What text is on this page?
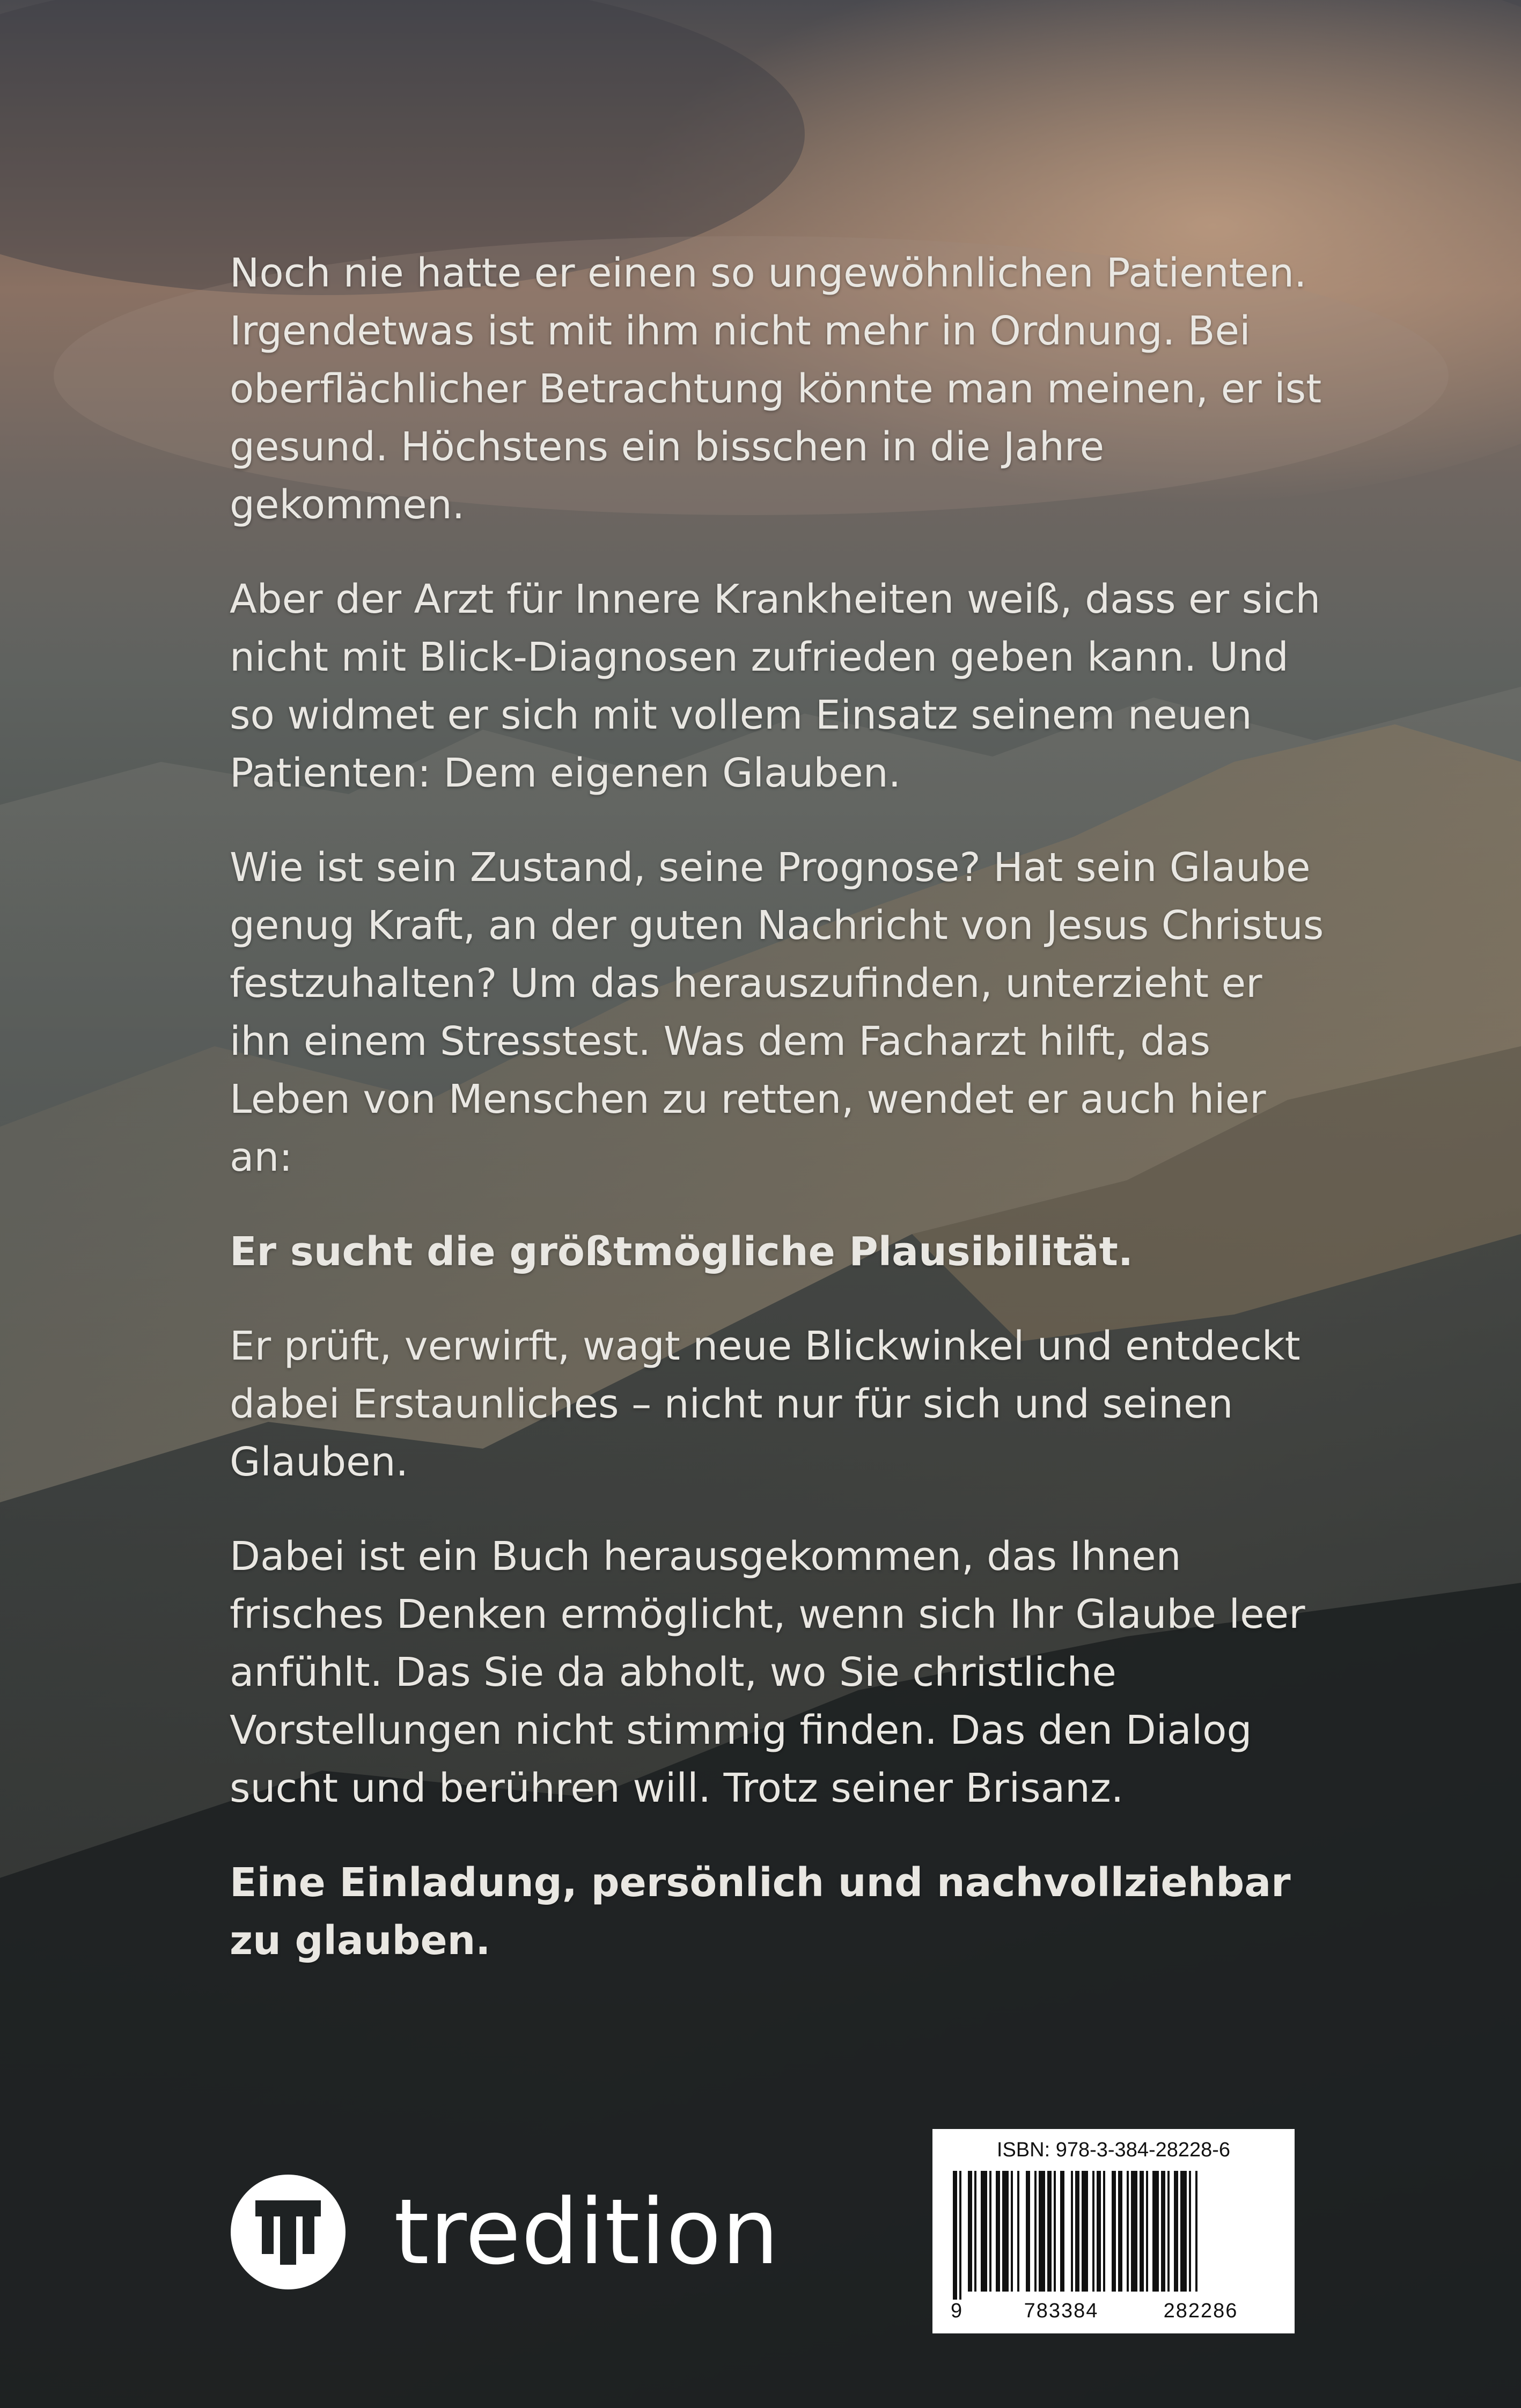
Noch nie hatte er einen so ungewöhnlichen Patienten. Irgendetwas ist mit ihm nicht mehr in Ordnung. Bei oberflächlicher Betrachtung könnte man meinen, er ist gesund. Höchstens ein bisschen in die Jahre gekommen.

Aber der Arzt für Innere Krankheiten weiß, dass er sich nicht mit Blick-Diagnosen zufrieden geben kann. Und so widmet er sich mit vollem Einsatz seinem neuen Patienten: Dem eigenen Glauben.

Wie ist sein Zustand, seine Prognose? Hat sein Glaube genug Kraft, an der guten Nachricht von Jesus Christus festzuhalten? Um das herauszufinden, unterzieht er ihn einem Stresstest. Was dem Facharzt hilft, das Leben von Menschen zu retten, wendet er auch hier an:

Er sucht die größtmögliche Plausibilität.

Er prüft, verwirft, wagt neue Blickwinkel und entdeckt dabei Erstaunliches – nicht nur für sich und seinen Glauben.

Dabei ist ein Buch herausgekommen, das Ihnen frisches Denken ermöglicht, wenn sich Ihr Glaube leer anfühlt. Das Sie da abholt, wo Sie christliche Vorstellungen nicht stimmig finden. Das den Dialog sucht und berühren will. Trotz seiner Brisanz.

Eine Einladung, persönlich und nachvollziehbar zu glauben.

tredition
ISBN: 978-3-384-28228-6
9	783384	282286
